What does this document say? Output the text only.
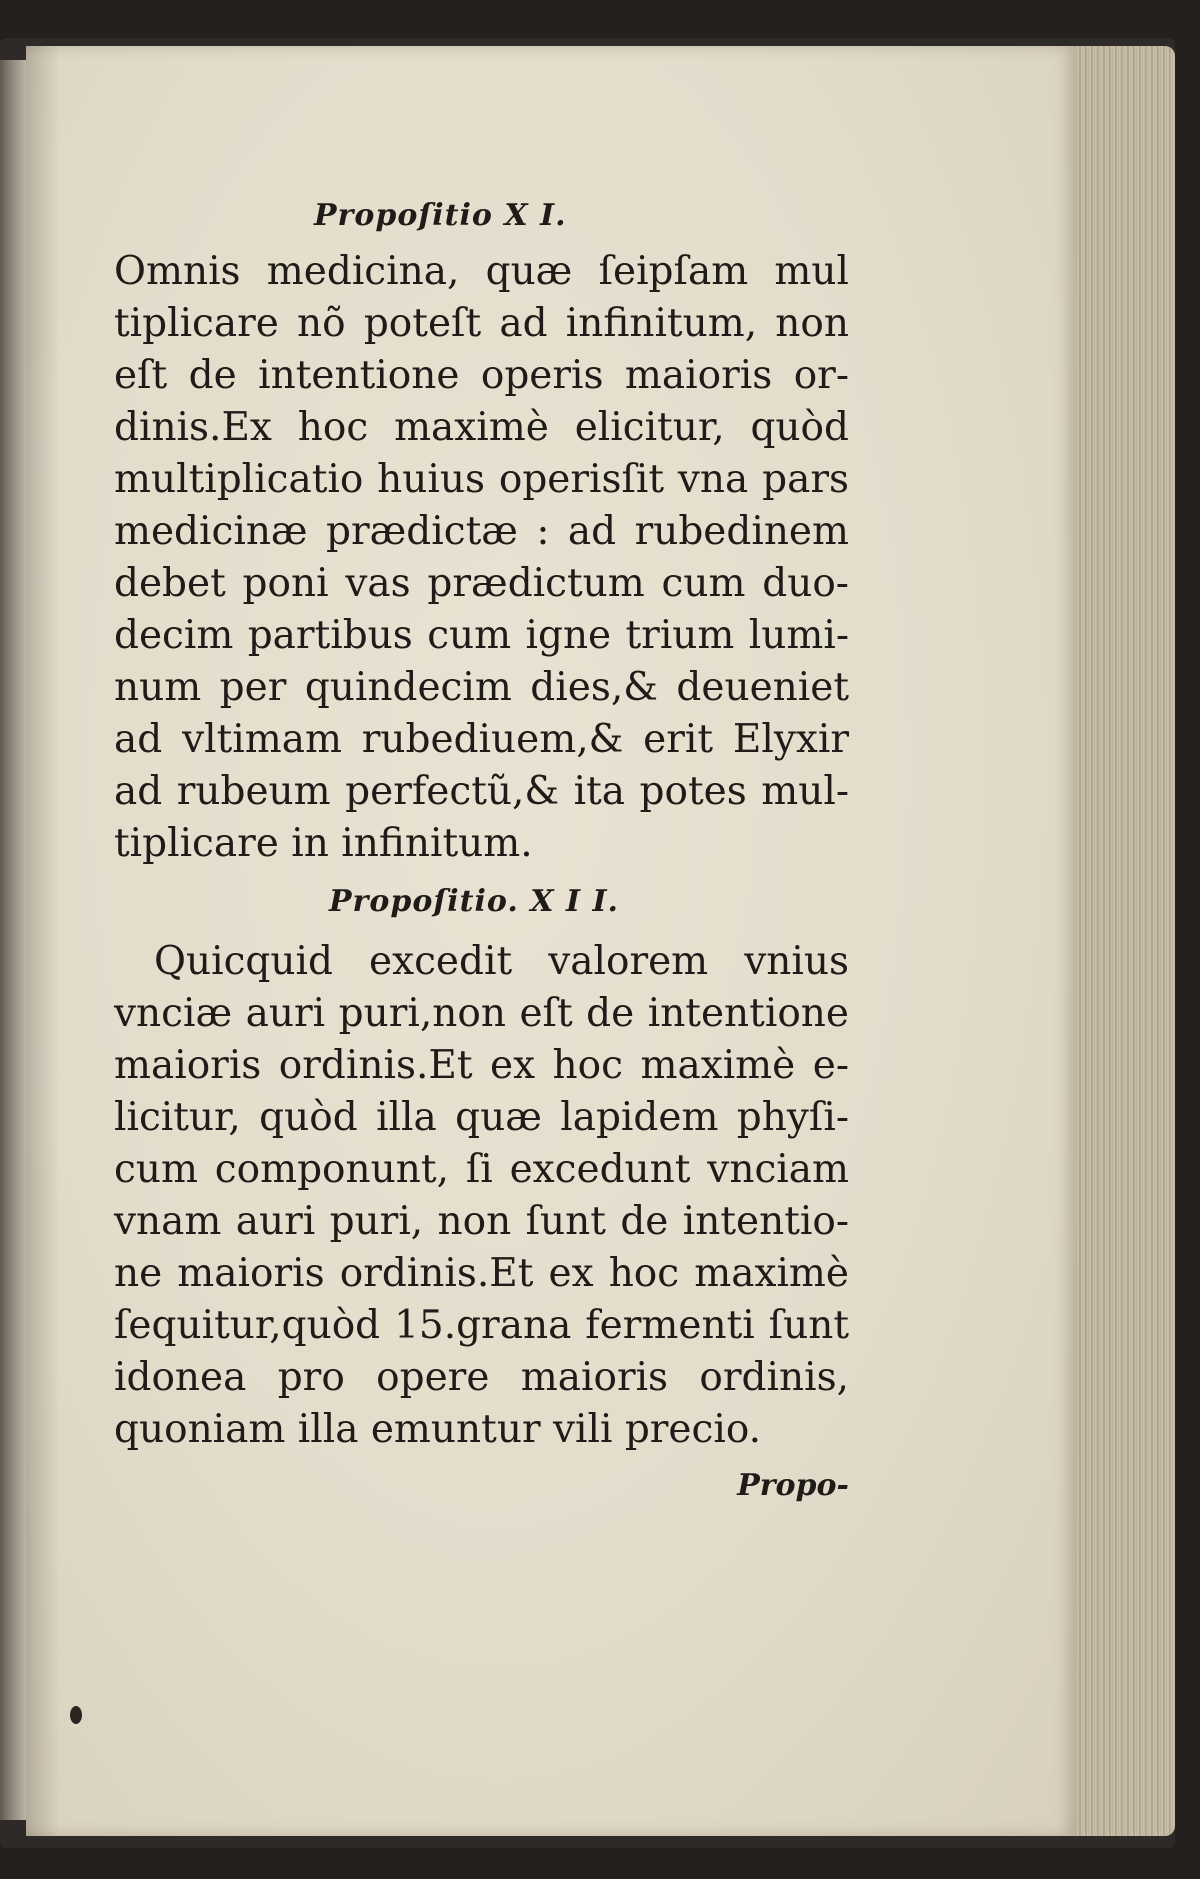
Propoſitio X I.

Omnis medicina, quæ ſeipſam mul

tiplicare nõ poteſt ad infinitum, non

eſt de intentione operis maioris or-

dinis.Ex hoc maximè elicitur, quòd

multiplicatio huius operisſit vna pars

medicinæ prædictæ : ad rubedinem

debet poni vas prædictum cum duo-

decim partibus cum igne trium lumi-

num per quindecim dies,& deueniet

ad vltimam rubediuem,& erit Elyxir

ad rubeum perfectũ,& ita potes mul-

tiplicare in infinitum.

Propoſitio. X I I.

Quicquid excedit valorem vnius

vnciæ auri puri,non eſt de intentione

maioris ordinis.Et ex hoc maximè e-

licitur, quòd illa quæ lapidem phyſi-

cum componunt, ſi excedunt vnciam

vnam auri puri, non ſunt de intentio-

ne maioris ordinis.Et ex hoc maximè

ſequitur,quòd 15.grana fermenti ſunt

idonea pro opere maioris ordinis,

quoniam illa emuntur vili precio.

Propo-
